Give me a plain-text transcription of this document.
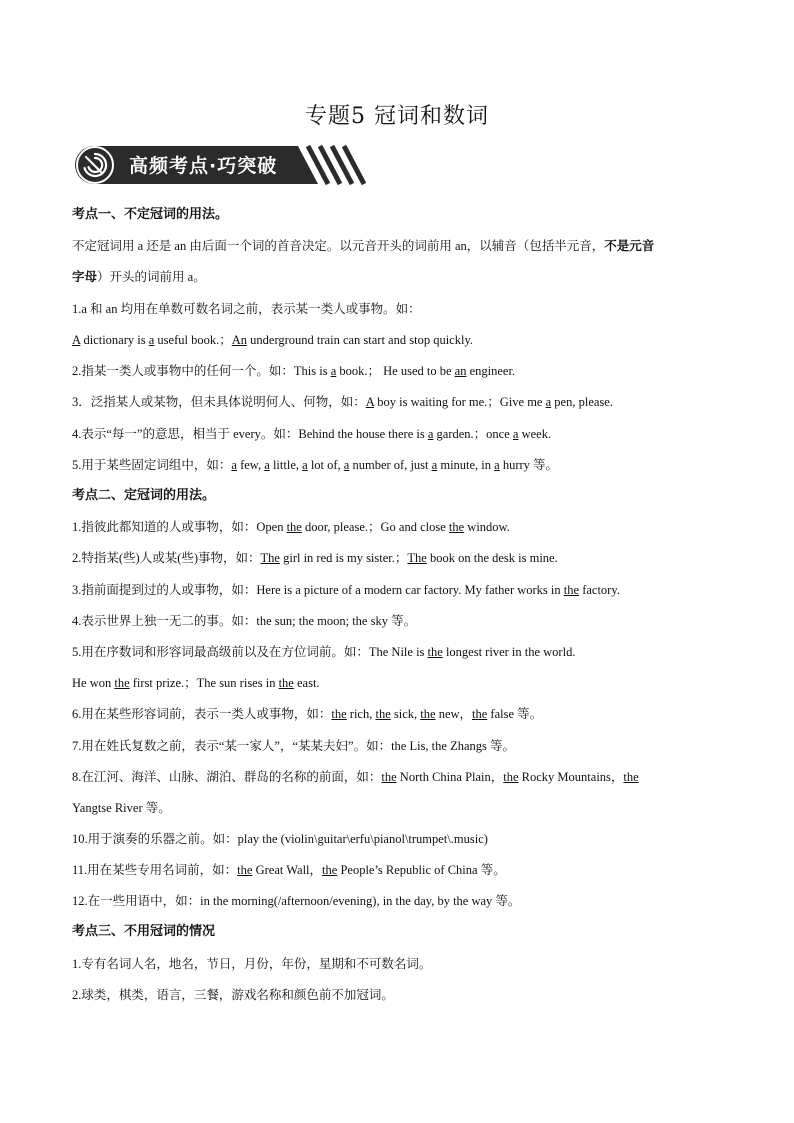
专题5 冠词和数词
高频考点·巧突破
考点一、不定冠词的用法。
不定冠词用 a 还是 an 由后面一个词的首音决定。以元音开头的词前用 an，以辅音（包括半元音，不是元音
字母）开头的词前用 a。
1.a 和 an 均用在单数可数名词之前，表示某一类人或事物。如：
A dictionary is a useful book.；An underground train can start and stop quickly.
2.指某一类人或事物中的任何一个。如：This is a book.； He used to be an engineer.
3．泛指某人或某物，但未具体说明何人、何物，如：A boy is waiting for me.；Give me a pen, please.
4.表示“每一”的意思，相当于 every。如：Behind the house there is a garden.；once a week.
5.用于某些固定词组中，如：a few, a little, a lot of, a number of, just a minute, in a hurry 等。
考点二、定冠词的用法。
1.指彼此都知道的人或事物，如：Open the door, please.；Go and close the window.
2.特指某(些)人或某(些)事物，如：The girl in red is my sister.；The book on the desk is mine.
3.指前面提到过的人或事物，如：Here is a picture of a modern car factory. My father works in the factory.
4.表示世界上独一无二的事。如：the sun; the moon; the sky 等。
5.用在序数词和形容词最高级前以及在方位词前。如：The Nile is the longest river in the world.
He won the first prize.；The sun rises in the east.
6.用在某些形容词前，表示一类人或事物，如：the rich, the sick, the new，the false 等。
7.用在姓氏复数之前，表示“某一家人”，“某某夫妇”。如：the Lis, the Zhangs 等。
8.在江河、海洋、山脉、湖泊、群岛的名称的前面，如：the North China Plain，the Rocky Mountains，the
Yangtse River 等。
10.用于演奏的乐器之前。如：play the (violin\guitar\erfu\pianol\trumpet\.music)
11.用在某些专用名词前，如：the Great Wall，the People’s Republic of China 等。
12.在一些用语中，如：in the morning(/afternoon/evening), in the day, by the way 等。
考点三、不用冠词的情况
1.专有名词人名，地名，节日，月份，年份，星期和不可数名词。
2.球类，棋类，语言，三餐，游戏名称和颜色前不加冠词。
